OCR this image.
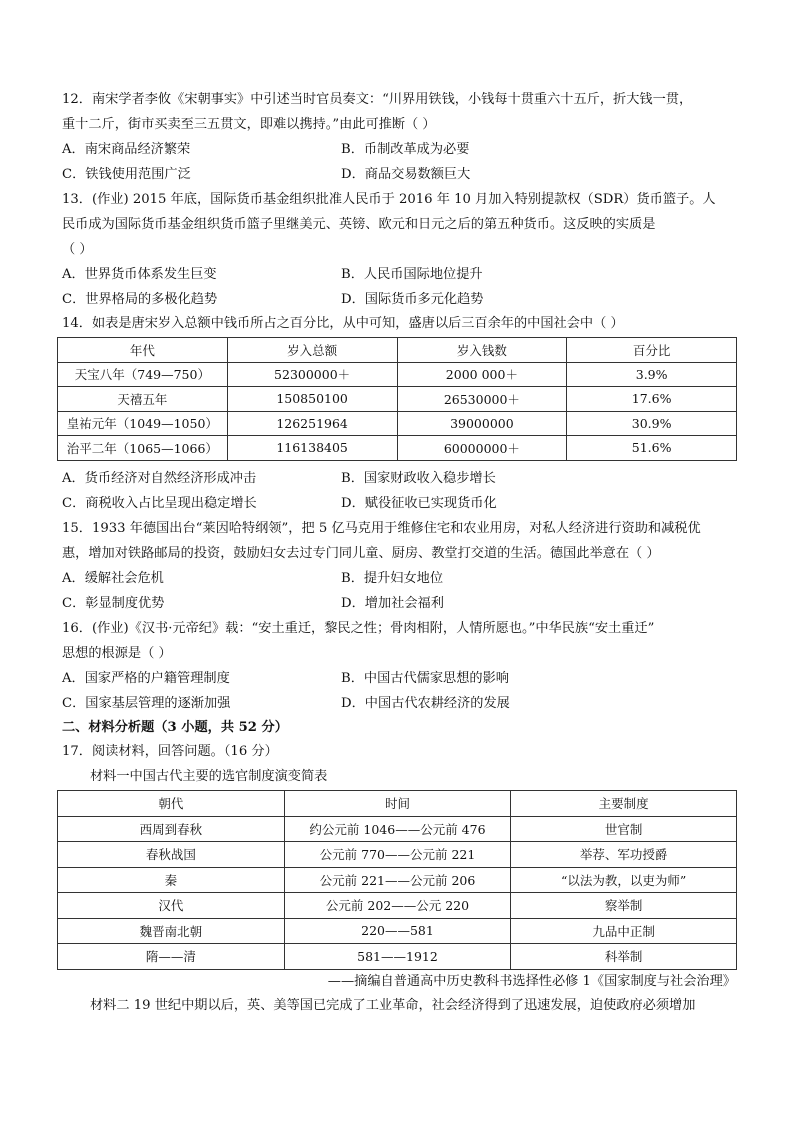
12．南宋学者李攸《宋朝事实》中引述当时官员奏文：“川界用铁钱，小钱每十贯重六十五斤，折大钱一贯，
重十二斤，街市买卖至三五贯文，即难以携持。”由此可推断（ ）
A．南宋商品经济繁荣	B．币制改革成为必要
C．铁钱使用范围广泛	D．商品交易数额巨大
13．(作业) 2015 年底，国际货币基金组织批准人民币于 2016 年 10 月加入特别提款权（SDR）货币篮子。人
民币成为国际货币基金组织货币篮子里继美元、英镑、欧元和日元之后的第五种货币。这反映的实质是
（ ）
A．世界货币体系发生巨变	B．人民币国际地位提升
C．世界格局的多极化趋势	D．国际货币多元化趋势
14．如表是唐宋岁入总额中钱币所占之百分比，从中可知，盛唐以后三百余年的中国社会中（ ）
年代	岁入总额	岁入钱数	百分比
天宝八年（749—750）	52300000＋	2000 000＋	3.9%
天禧五年	150850100	26530000＋	17.6%
皇祐元年（1049—1050）	126251964	39000000	30.9%
治平二年（1065—1066）	116138405	60000000＋	51.6%
A．货币经济对自然经济形成冲击	B．国家财政收入稳步增长
C．商税收入占比呈现出稳定增长	D．赋役征收已实现货币化
15．1933 年德国出台“莱因哈特纲领”，把 5 亿马克用于维修住宅和农业用房，对私人经济进行资助和减税优
惠，增加对铁路邮局的投资，鼓励妇女去过专门同儿童、厨房、教堂打交道的生活。德国此举意在（ ）
A．缓解社会危机	B．提升妇女地位
C．彰显制度优势	D．增加社会福利
16．(作业)《汉书·元帝纪》载：“安土重迁，黎民之性；骨肉相附，人情所愿也。”中华民族“安土重迁”
思想的根源是（ ）
A．国家严格的户籍管理制度	B．中国古代儒家思想的影响
C．国家基层管理的逐渐加强	D．中国古代农耕经济的发展
二、材料分析题（3 小题，共 52 分）
17．阅读材料，回答问题。（16 分）
材料一中国古代主要的选官制度演变简表
朝代	时间	主要制度
西周到春秋	约公元前 1046——公元前 476	世官制
春秋战国	公元前 770——公元前 221	举荐、军功授爵
秦	公元前 221——公元前 206	“以法为教，以吏为师”
汉代	公元前 202——公元 220	察举制
魏晋南北朝	220——581	九品中正制
隋——清	581——1912	科举制
——摘编自普通高中历史教科书选择性必修 1《国家制度与社会治理》
材料二 19 世纪中期以后，英、美等国已完成了工业革命，社会经济得到了迅速发展，迫使政府必须增加
